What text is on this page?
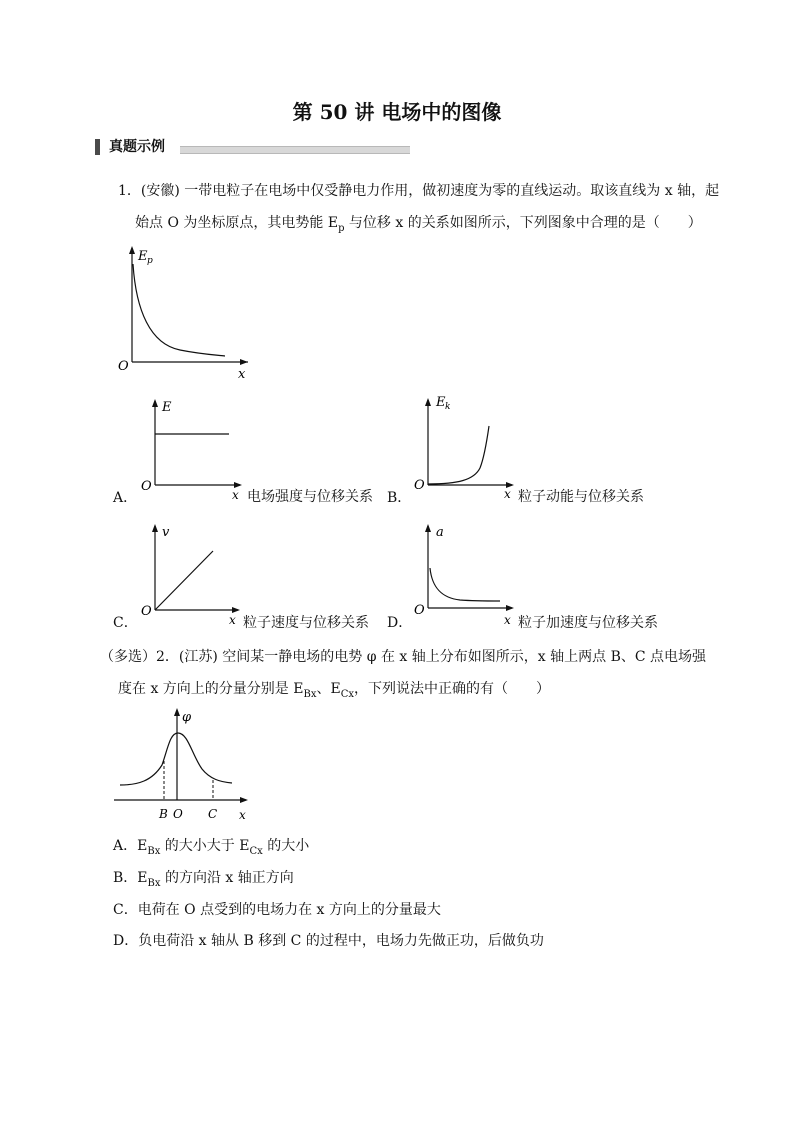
第 50 讲 电场中的图像
真题示例
1．(安徽) 一带电粒子在电场中仅受静电力作用，做初速度为零的直线运动。取该直线为 x 轴，起
始点 O 为坐标原点，其电势能 $E_p$ 与位移 x 的关系如图所示，下列图象中合理的是（　　）
E p
O
x
A．
E
O
x 电场强度与位移关系 B．
E k
O
x 粒子动能与位移关系
C．
v
O
x 粒子速度与位移关系 D．
a
O
x 粒子加速度与位移关系
（多选）2．(江苏) 空间某一静电场的电势 φ 在 x 轴上分布如图所示，x 轴上两点 B、C 点电场强
度在 x 方向上的分量分别是 $E_{Bx}$、$E_{Cx}$，下列说法中正确的有（　　）
φ
B O C x
A．$E_{Bx}$ 的大小大于 $E_{Cx}$ 的大小
B．$E_{Bx}$ 的方向沿 x 轴正方向
C．电荷在 O 点受到的电场力在 x 方向上的分量最大
D．负电荷沿 x 轴从 B 移到 C 的过程中，电场力先做正功，后做负功
